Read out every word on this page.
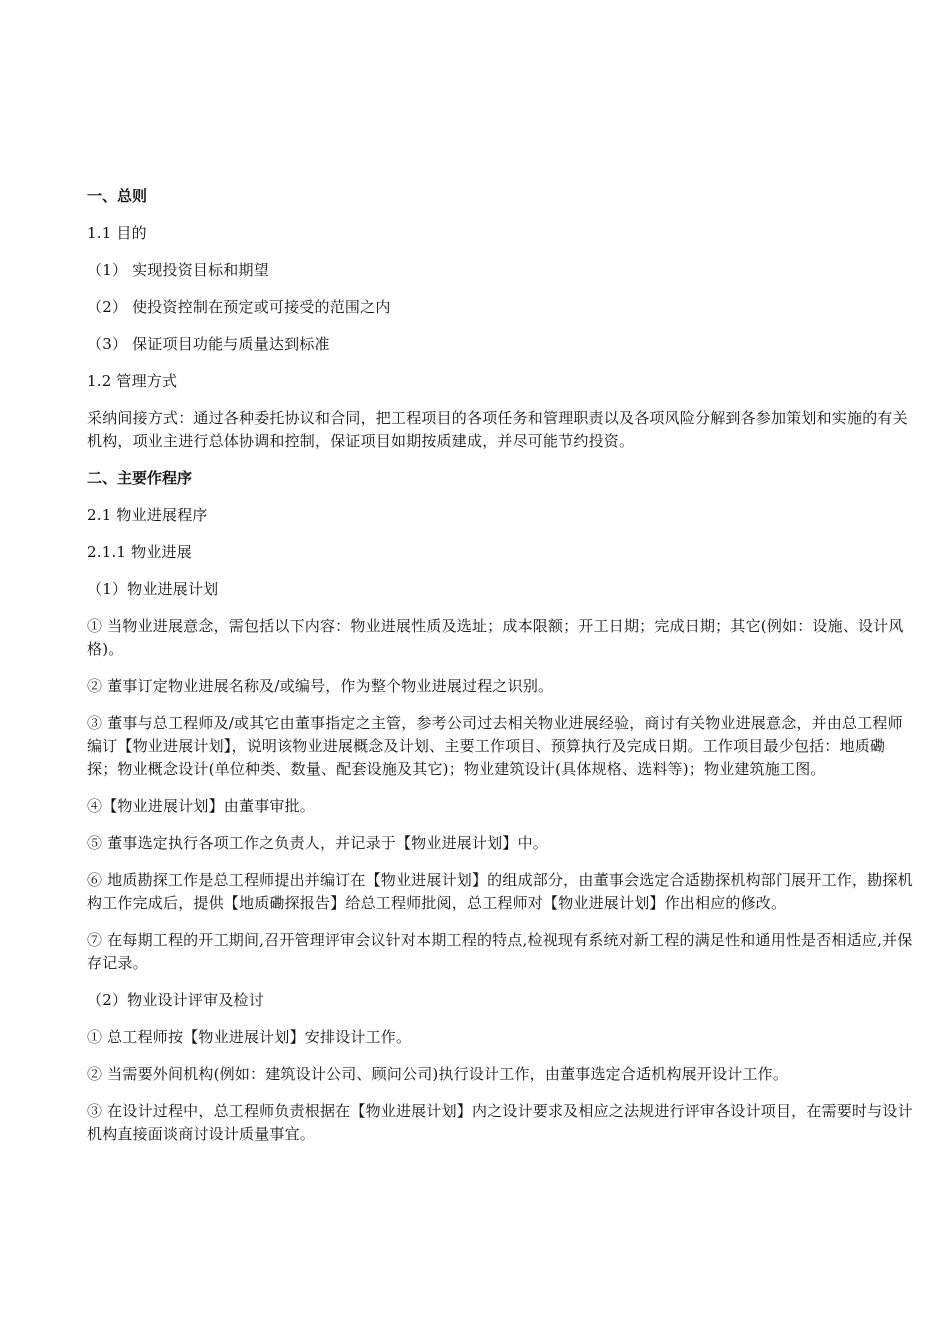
一、总则
1.1 目的
（1） 实现投资目标和期望
（2） 使投资控制在预定或可接受的范围之内
（3） 保证项目功能与质量达到标准
1.2 管理方式
采纳间接方式：通过各种委托协议和合同，把工程项目的各项任务和管理职责以及各项风险分解到各参加策划和实施的有关机构，项业主进行总体协调和控制，保证项目如期按质建成，并尽可能节约投资。
二、主要作程序
2.1 物业进展程序
2.1.1 物业进展
（1）物业进展计划
① 当物业进展意念，需包括以下内容：物业进展性质及选址；成本限额；开工日期；完成日期；其它(例如：设施、设计风格)。
② 董事订定物业进展名称及/或编号，作为整个物业进展过程之识别。
③ 董事与总工程师及/或其它由董事指定之主管，参考公司过去相关物业进展经验，商讨有关物业进展意念，并由总工程师编订【物业进展计划】，说明该物业进展概念及计划、主要工作项目、预算执行及完成日期。工作项目最少包括：地质磡探；物业概念设计(单位种类、数量、配套设施及其它)；物业建筑设计(具体规格、选料等)；物业建筑施工图。
④【物业进展计划】由董事审批。
⑤ 董事选定执行各项工作之负责人，并记录于【物业进展计划】中。
⑥ 地质勘探工作是总工程师提出并编订在【物业进展计划】的组成部分，由董事会选定合适勘探机构部门展开工作，勘探机构工作完成后，提供【地质磡探报告】给总工程师批阅，总工程师对【物业进展计划】作出相应的修改。
⑦ 在每期工程的开工期间,召开管理评审会议针对本期工程的特点,检视现有系统对新工程的满足性和通用性是否相适应,并保存记录。
（2）物业设计评审及检讨
① 总工程师按【物业进展计划】安排设计工作。
② 当需要外间机构(例如：建筑设计公司、顾问公司)执行设计工作，由董事选定合适机构展开设计工作。
③ 在设计过程中，总工程师负责根据在【物业进展计划】内之设计要求及相应之法规进行评审各设计项目，在需要时与设计机构直接面谈商讨设计质量事宜。
